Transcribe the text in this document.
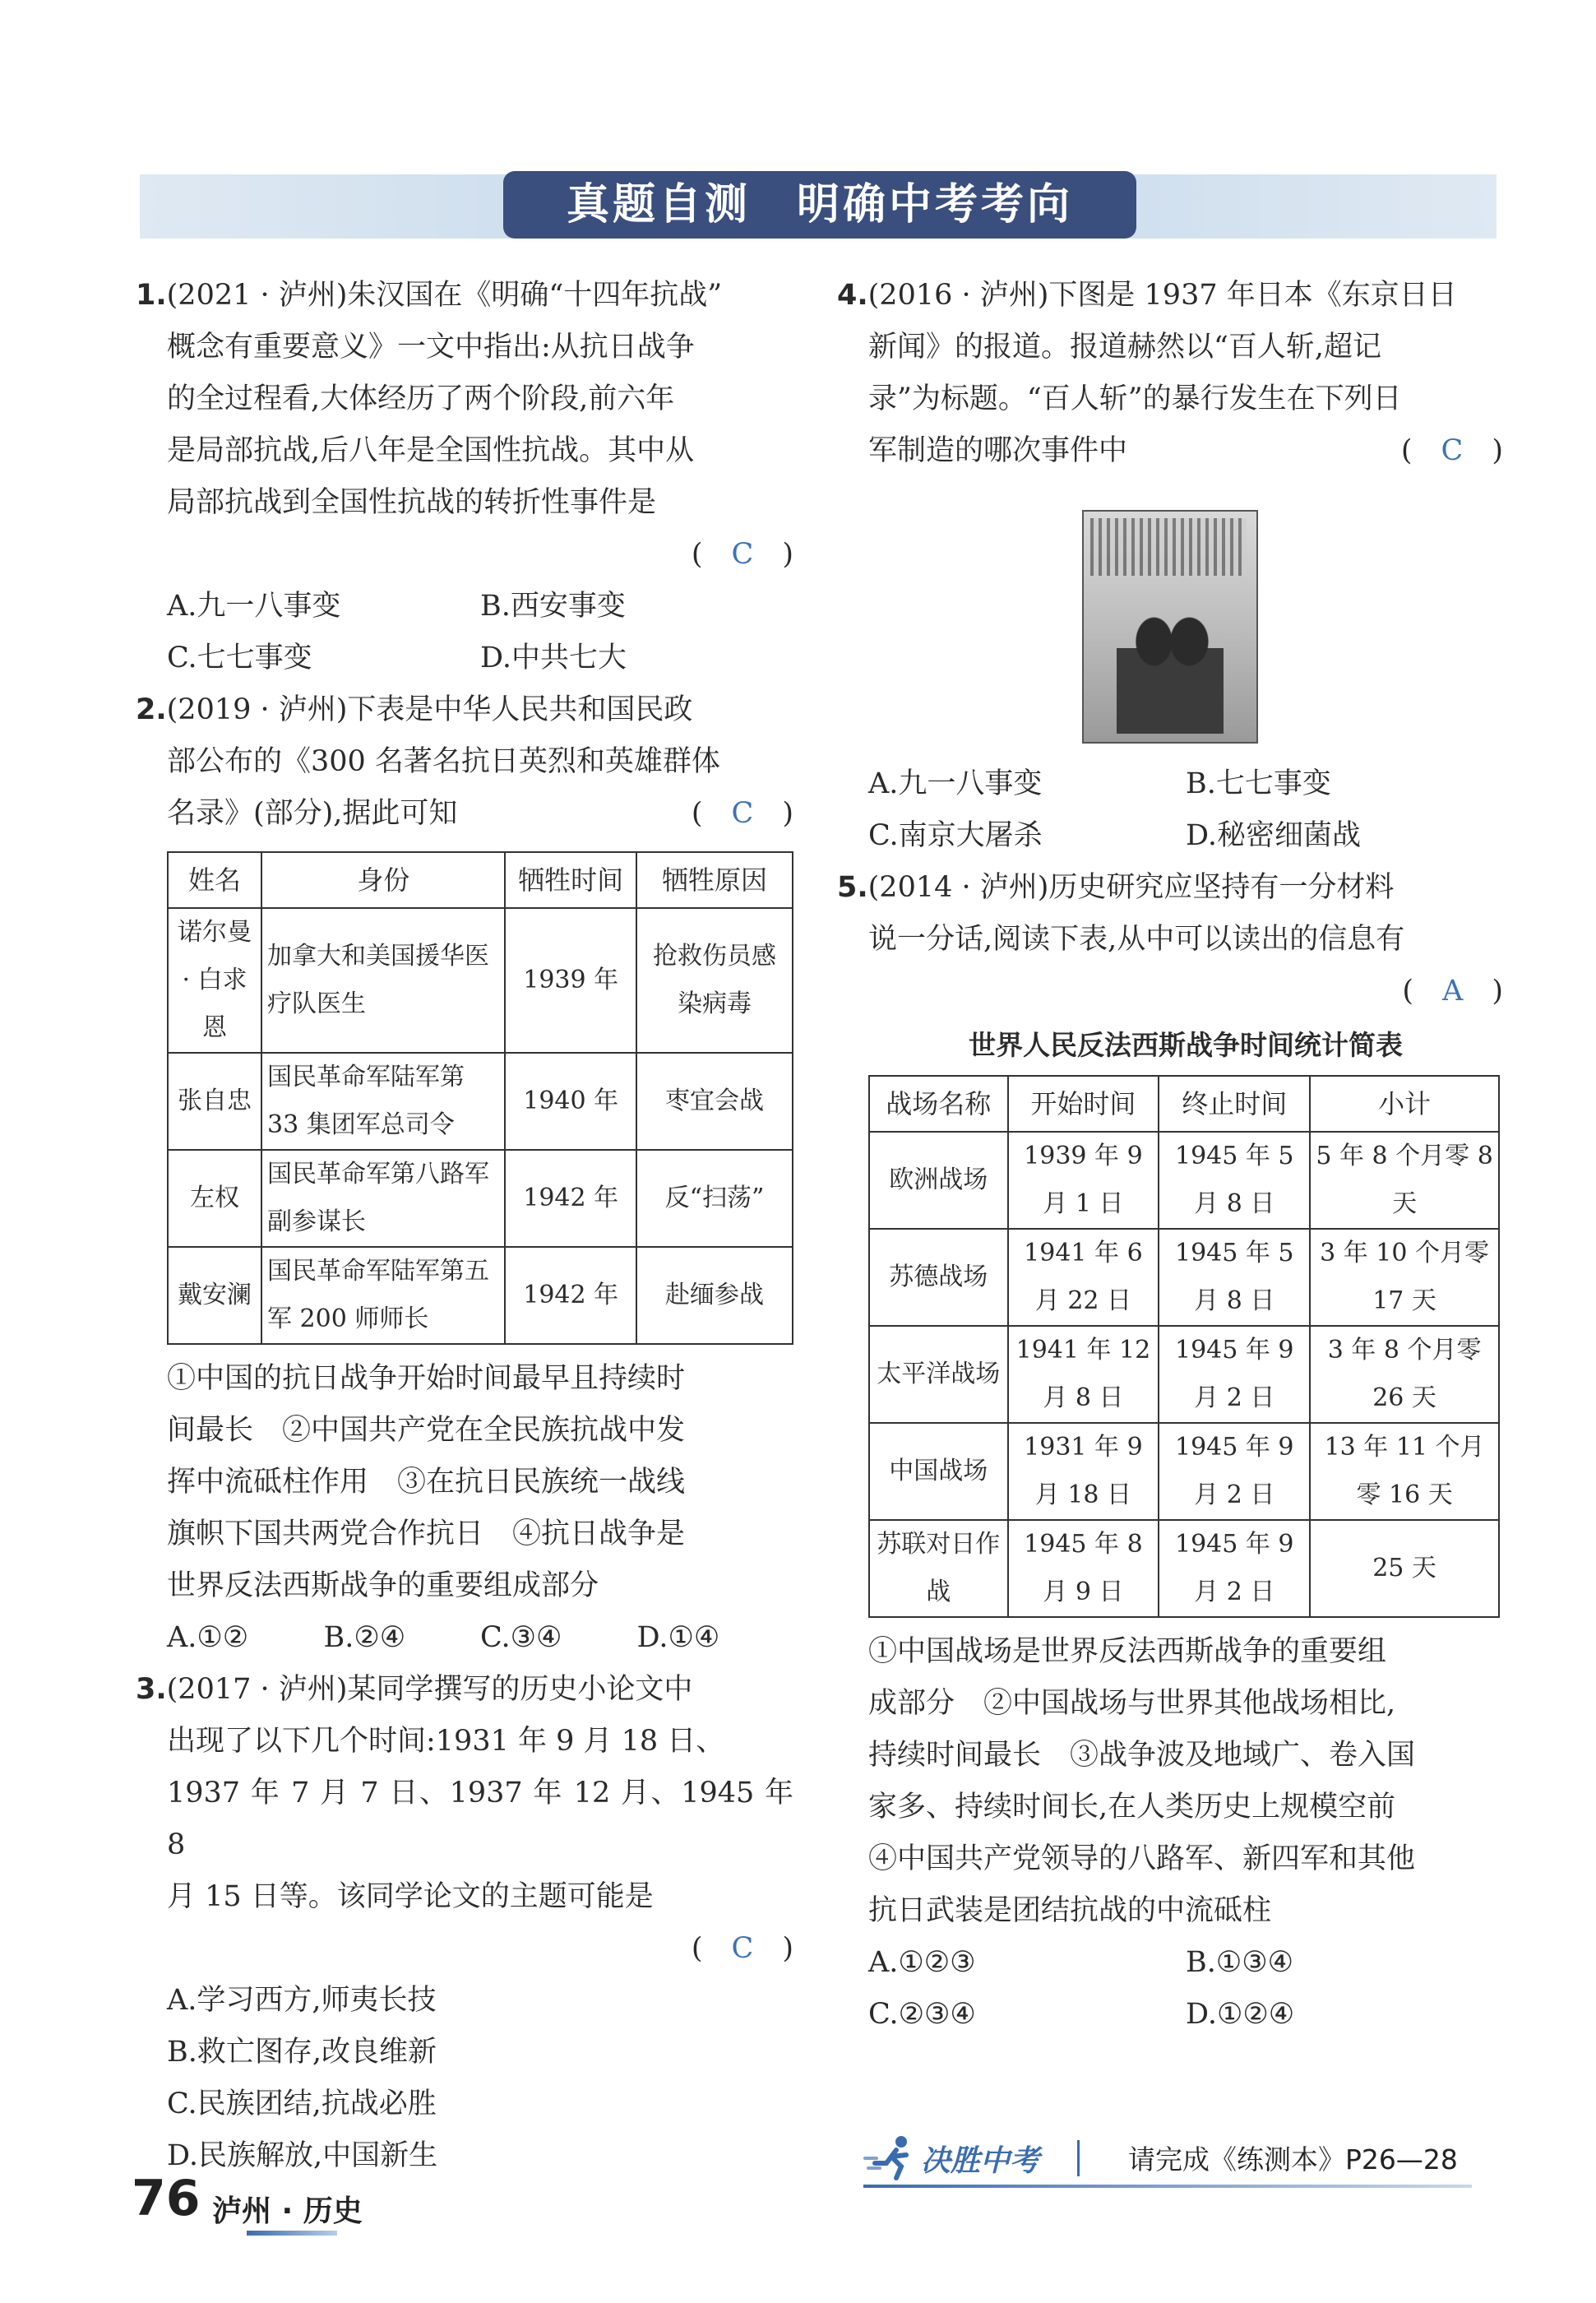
真题自测　明确中考考向
1.(2021 · 泸州)朱汉国在《明确“十四年抗战”
概念有重要意义》一文中指出:从抗日战争
的全过程看,大体经历了两个阶段,前六年
是局部抗战,后八年是全国性抗战。其中从
局部抗战到全国性抗战的转折性事件是
(　 C　 )
A.九一八事变	B.西安事变
C.七七事变	D.中共七大
2.(2019 · 泸州)下表是中华人民共和国民政
部公布的《300 名著名抗日英烈和英雄群体
名录》(部分),据此可知	(　 C　 )
姓名	身份	牺牲时间	牺牲原因
诺尔曼 · 白求恩	加拿大和美国援华医疗队医生	1939 年	抢救伤员感染病毒
张自忠	国民革命军陆军第 33 集团军总司令	1940 年	枣宜会战
左权	国民革命军第八路军副参谋长	1942 年	反“扫荡”
戴安澜	国民革命军陆军第五军 200 师师长	1942 年	赴缅参战
①中国的抗日战争开始时间最早且持续时
间最长　②中国共产党在全民族抗战中发
挥中流砥柱作用　③在抗日民族统一战线
旗帜下国共两党合作抗日　④抗日战争是
世界反法西斯战争的重要组成部分
A.①②	B.②④	C.③④	D.①④
3.(2017 · 泸州)某同学撰写的历史小论文中
出现了以下几个时间:1931 年 9 月 18 日、
1937 年 7 月 7 日、1937 年 12 月、1945 年 8
月 15 日等。该同学论文的主题可能是
(　 C　 )
A.学习西方,师夷长技
B.救亡图存,改良维新
C.民族团结,抗战必胜
D.民族解放,中国新生
4.(2016 · 泸州)下图是 1937 年日本《东京日日
新闻》的报道。报道赫然以“百人斩,超记
录”为标题。“百人斩”的暴行发生在下列日
军制造的哪次事件中	(　 C　 )
A.九一八事变	B.七七事变
C.南京大屠杀	D.秘密细菌战
5.(2014 · 泸州)历史研究应坚持有一分材料
说一分话,阅读下表,从中可以读出的信息有
(　 A　 )
世界人民反法西斯战争时间统计简表
战场名称	开始时间	终止时间	小计
欧洲战场	1939 年 9 月 1 日	1945 年 5 月 8 日	5 年 8 个月零 8 天
苏德战场	1941 年 6 月 22 日	1945 年 5 月 8 日	3 年 10 个月零 17 天
太平洋战场	1941 年 12 月 8 日	1945 年 9 月 2 日	3 年 8 个月零 26 天
中国战场	1931 年 9 月 18 日	1945 年 9 月 2 日	13 年 11 个月零 16 天
苏联对日作战	1945 年 8 月 9 日	1945 年 9 月 2 日	25 天
①中国战场是世界反法西斯战争的重要组
成部分　②中国战场与世界其他战场相比,
持续时间最长　③战争波及地域广、卷入国
家多、持续时间长,在人类历史上规模空前
④中国共产党领导的八路军、新四军和其他
抗日武装是团结抗战的中流砥柱
A.①②③	B.①③④
C.②③④	D.①②④
决胜中考	请完成《练测本》P26—28
76 泸州 · 历史
